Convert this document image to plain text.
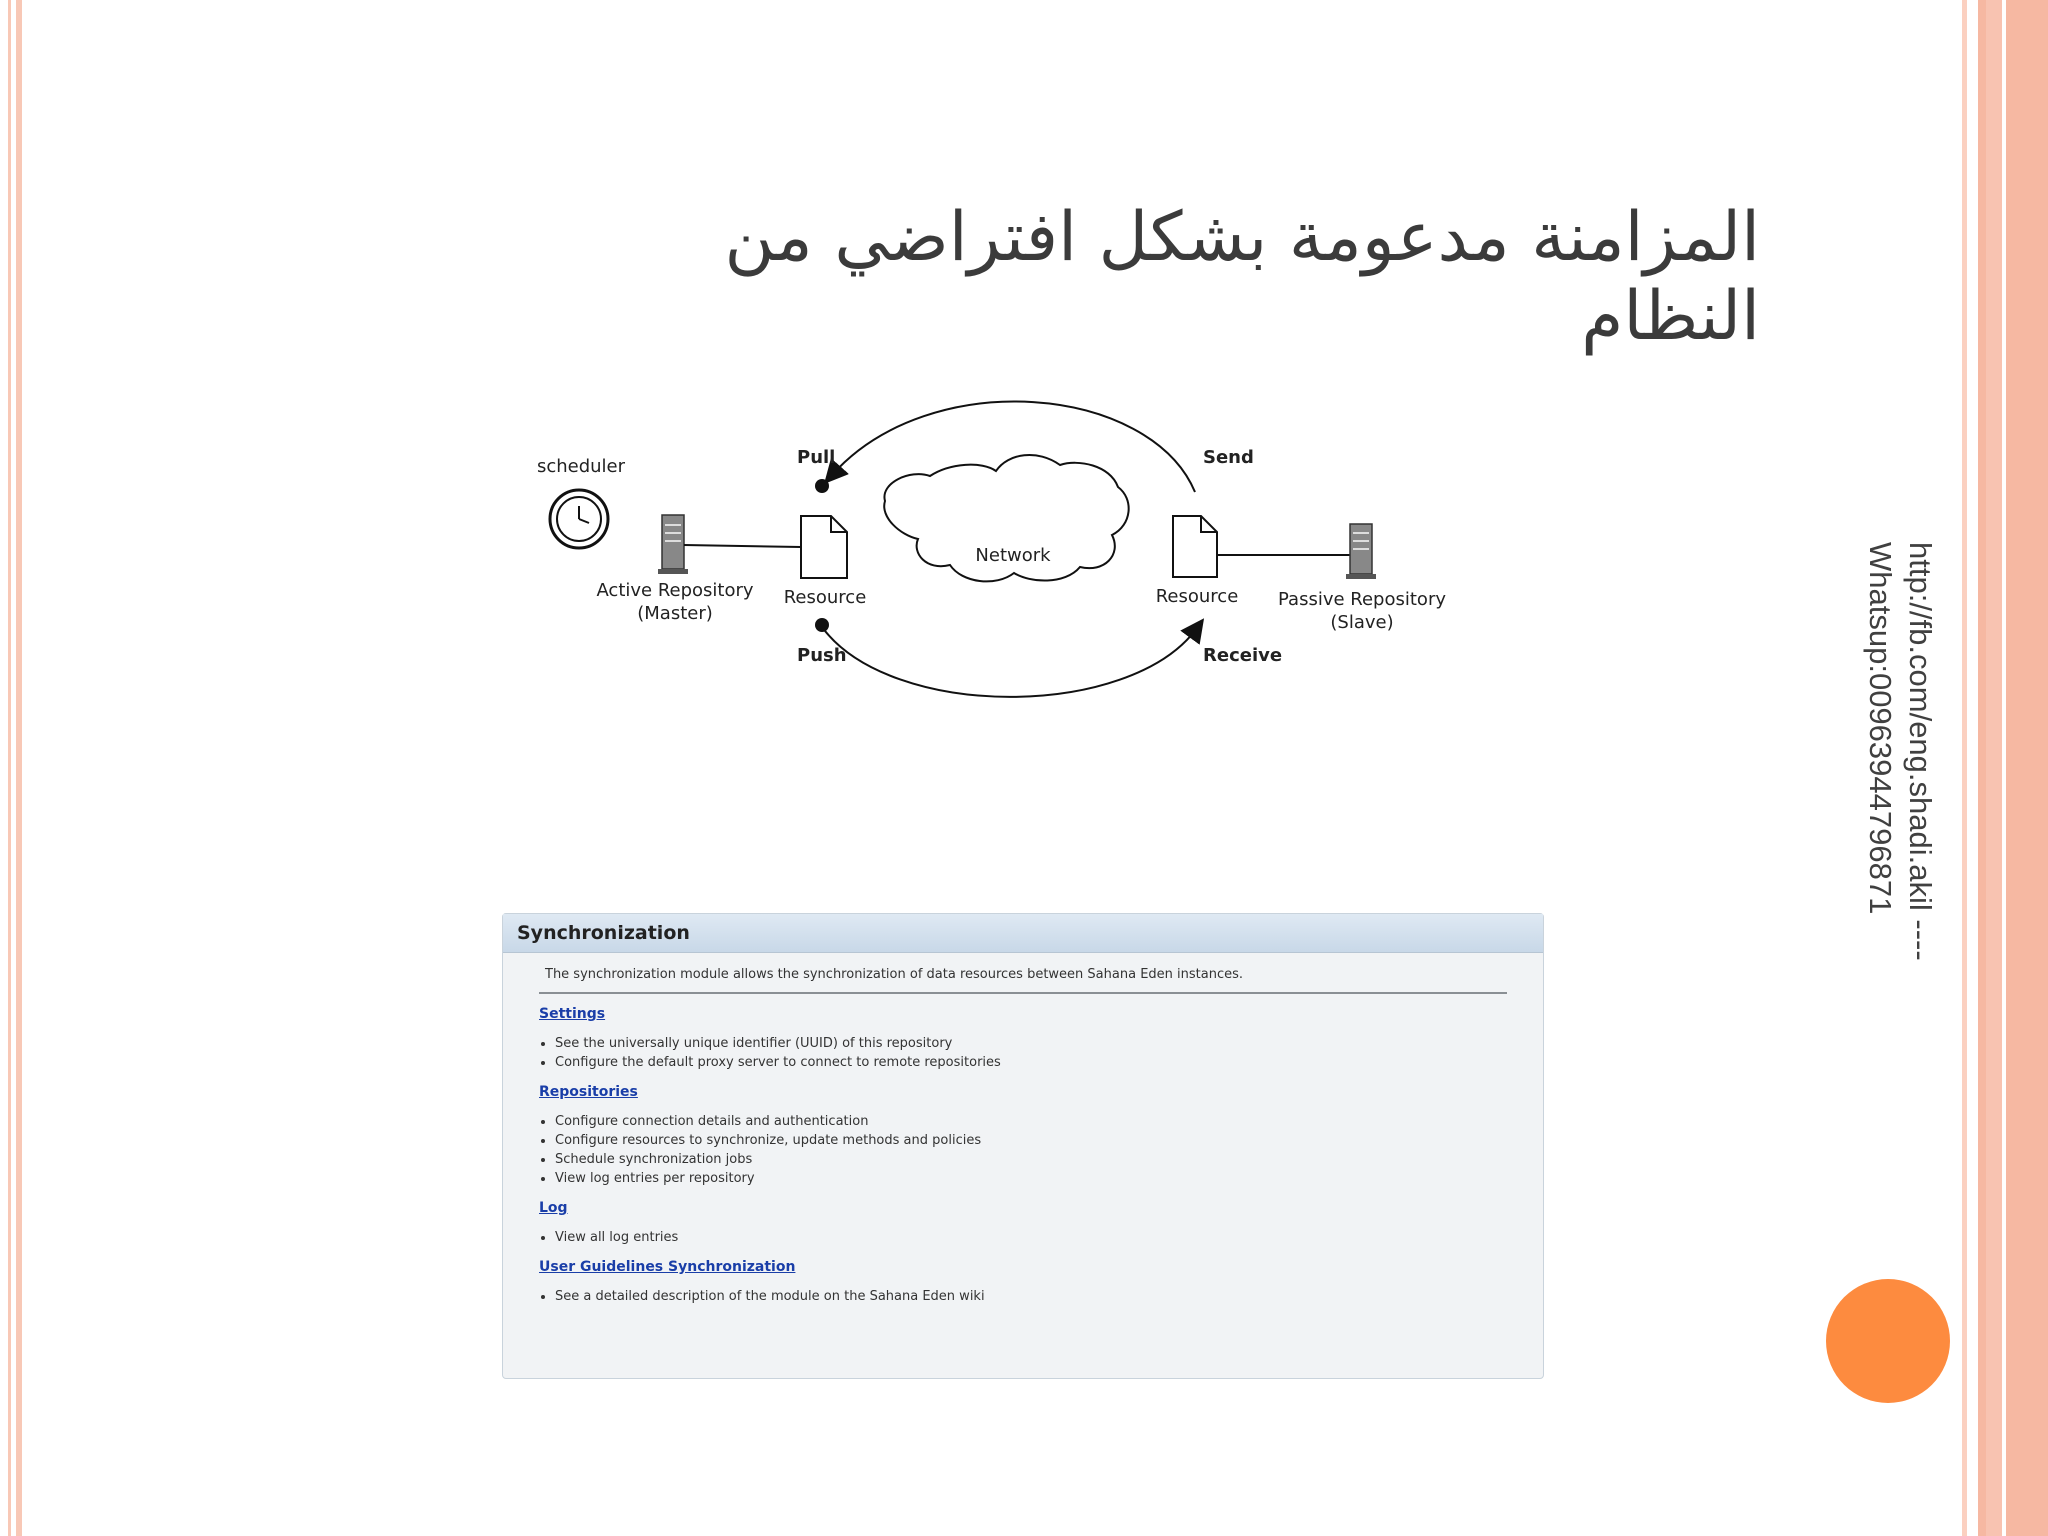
المزامنة مدعومة بشكل افتراضي من النظام
http://fb.com/eng.shadi.akil ----
Whatsup:00963944796871
Network
scheduler
Active Repository
(Master)
Resource	Resource Passive Repository
(Slave)
Pull	Send
Push	Receive
Synchronization
The synchronization module allows the synchronization of data resources between Sahana Eden instances.
Settings
• See the universally unique identifier (UUID) of this repository
• Configure the default proxy server to connect to remote repositories
Repositories
• Configure connection details and authentication
• Configure resources to synchronize, update methods and policies
• Schedule synchronization jobs
• View log entries per repository
Log
• View all log entries
User Guidelines Synchronization
• See a detailed description of the module on the Sahana Eden wiki
